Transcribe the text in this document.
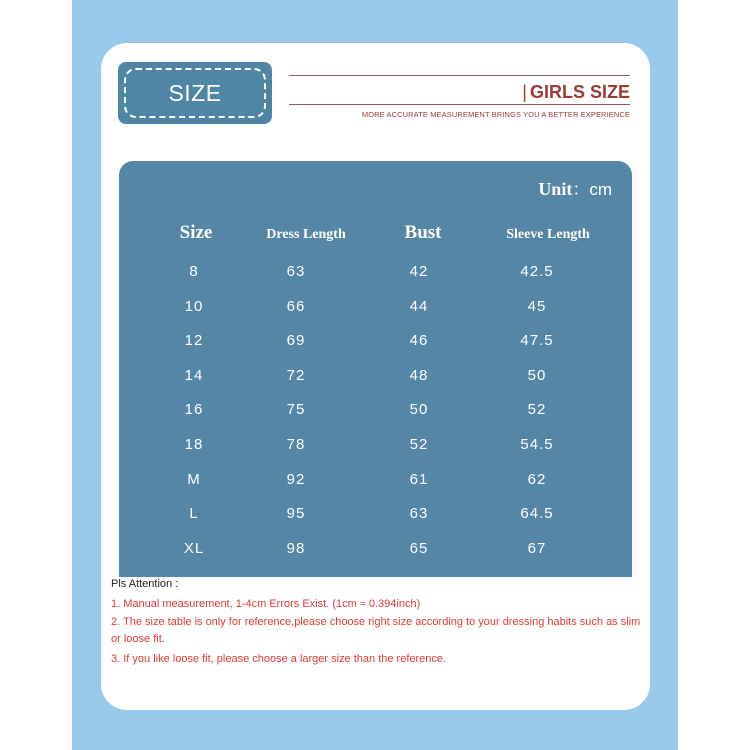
SIZE	| GIRLS SIZE
MORE ACCURATE MEASUREMENT BRINGS YOU A BETTER EXPERIENCE
Unit：cm
Size	Dress Length	Bust	Sleeve Length
8	63	42	42.5
10	66	44	45
12	69	46	47.5
14	72	48	50
16	75	50	52
18	78	52	54.5
M	92	61	62
L	95	63	64.5
XL	98	65	67
Pls Attention :
1. Manual measurement, 1-4cm Errors Exist. (1cm ≈ 0.394inch)
2. The size table is only for reference,please choose right size according to your dressing habits such as slim or loose fit.
3. If you like loose fit, please choose a larger size than the reference.
